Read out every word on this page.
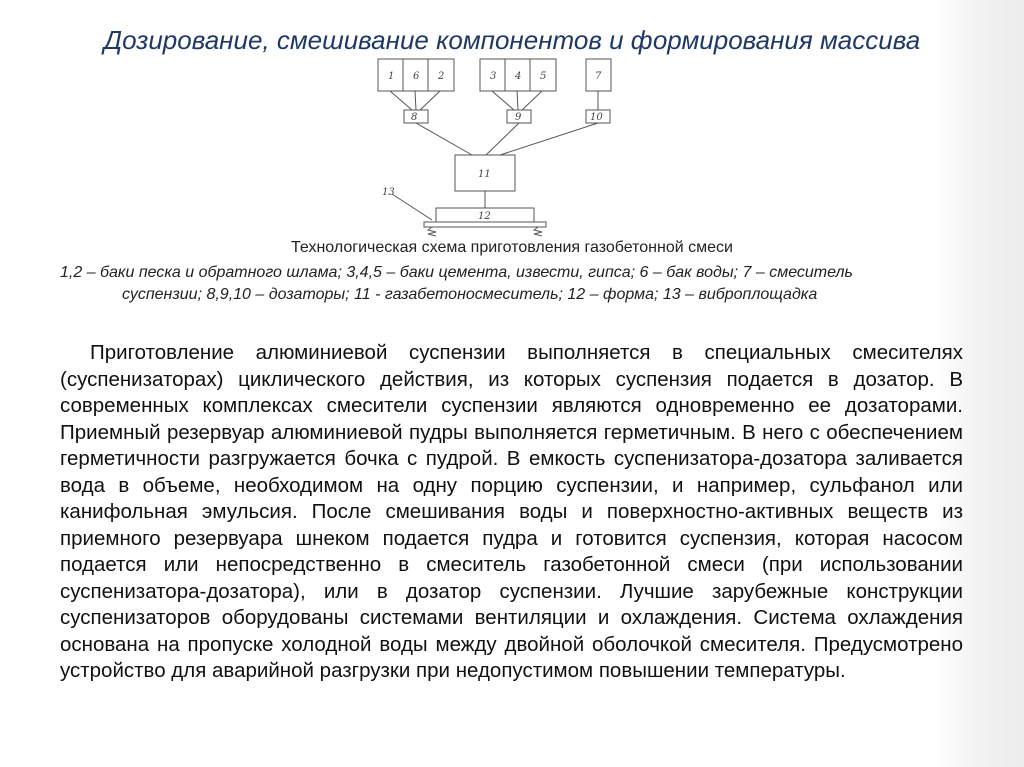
Дозирование, смешивание компонентов и формирования массива
1 6 2	3 4 5	7
8	9	10
11
12
13
Технологическая схема приготовления газобетонной смеси
1,2 – баки песка и обратного шлама; 3,4,5 – баки цемента, извести, гипса; 6 – бак воды; 7 – смеситель
суспензии; 8,9,10 – дозаторы; 11 - газабетоносмеситель; 12 – форма; 13 – виброплощадка
Приготовление алюминиевой суспензии выполняется в специальных смесителях (суспенизаторах) циклического действия, из которых суспензия подается в дозатор. В современных комплексах смесители суспензии являются одновременно ее дозаторами. Приемный резервуар алюминиевой пудры выполняется герметичным. В него с обеспечением герметичности разгружается бочка с пудрой. В емкость суспенизатора-дозатора заливается вода в объеме, необходимом на одну порцию суспензии, и например, сульфанол или канифольная эмульсия. После смешивания воды и поверхностно-активных веществ из приемного резервуара шнеком подается пудра и готовится суспензия, которая насосом подается или непосредственно в смеситель газобетонной смеси (при использовании суспенизатора-дозатора), или в дозатор суспензии. Лучшие зарубежные конструкции суспенизаторов оборудованы системами вентиляции и охлаждения. Система охлаждения основана на пропуске холодной воды между двойной оболочкой смесителя. Предусмотрено устройство для аварийной разгрузки при недопустимом повышении температуры.
